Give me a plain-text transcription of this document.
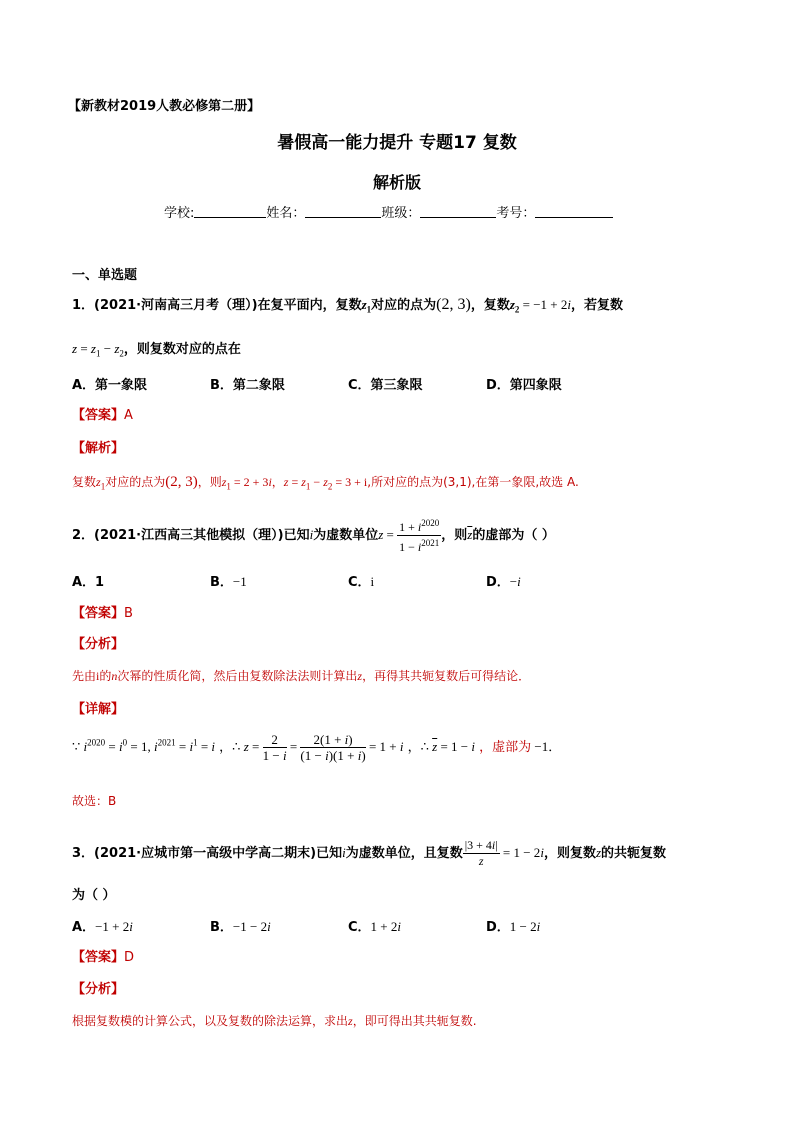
【新教材2019人教必修第二册】
暑假高一能力提升 专题17 复数
解析版
学校:	姓名：	班级：	考号：
一、单选题
1．(2021·河南高三月考（理）)在复平面内，复数$z_1$对应的点为(2, 3)，复数$z_2 = -1 + 2i$，若复数
$z = z_1 - z_2$，则复数对应的点在
A．第一象限	B．第二象限	C．第三象限	D．第四象限
【答案】A
【解析】
复数$z_1$对应的点为(2, 3)，则$z_1 = 2 + 3i$，$z = z_1 - z_2 = 3 + i$,所对应的点为(3,1),在第一象限,故选 A.
2．(2021·江西高三其他模拟（理）)已知i为虚数单位$z = \frac{1 + i^{2020}}{1 - i^{2021}}$ ，则$\overline{z}$的虚部为（ ）
A．1	B．−1	C．i	D．−i
【答案】B
【分析】
先由i的n次幂的性质化简，然后由复数除法法则计算出z，再得其共轭复数后可得结论．
【详解】
∵ $i^{2020} = i^0 = 1$, $i^{2021} = i^1 = i$ ，∴ $z = \frac{2}{1 - i} = \frac{2(1 + i)}{(1 - i)(1 + i)} = 1 + i$ ，∴ $\overline{z} = 1 - i$ ，虚部为 −1．
故选：B
3．(2021·应城市第一高级中学高二期末)已知i为虚数单位，且复数 $\frac{|3 + 4i|}{z} = 1 - 2i$，则复数z的共轭复数
为（ ）
A．−1 + 2i	B．−1 − 2i	C．1 + 2i	D．1 − 2i
【答案】D
【分析】
根据复数模的计算公式，以及复数的除法运算，求出z，即可得出其共轭复数.
